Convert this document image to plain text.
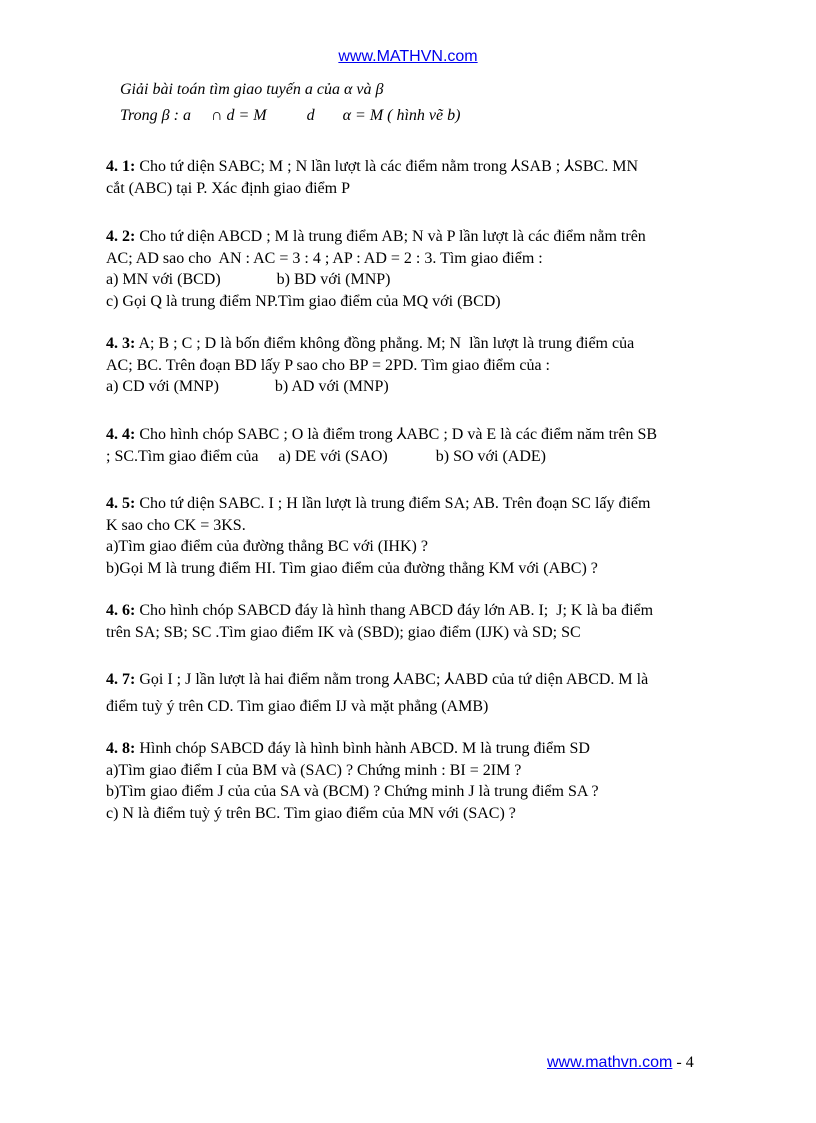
www.MATHVN.com
Giải bài toán tìm giao tuyến a của α và β
Trong β : a     ∩ d = M          d       α = M ( hình vẽ b)
4. 1: Cho tứ diện SABC; M ; N lần lượt là các điểm nằm trong ⅄SAB ; ⅄SBC. MN
cắt (ABC) tại P. Xác định giao điểm P
4. 2: Cho tứ diện ABCD ; M là trung điểm AB; N và P lần lượt là các điểm nằm trên
AC; AD sao cho  AN : AC = 3 : 4 ; AP : AD = 2 : 3. Tìm giao điểm :
a) MN với (BCD)              b) BD với (MNP)
c) Gọi Q là trung điểm NP.Tìm giao điểm của MQ với (BCD)
4. 3: A; B ; C ; D là bốn điểm không đồng phẳng. M; N  lần lượt là trung điểm của
AC; BC. Trên đoạn BD lấy P sao cho BP = 2PD. Tìm giao điểm của :
a) CD với (MNP)              b) AD với (MNP)
4. 4: Cho hình chóp SABC ; O là điểm trong ⅄ABC ; D và E là các điểm năm trên SB
; SC.Tìm giao điểm của     a) DE với (SAO)            b) SO với (ADE)
4. 5: Cho tứ diện SABC. I ; H lần lượt là trung điểm SA; AB. Trên đoạn SC lấy điểm
K sao cho CK = 3KS.
a)Tìm giao điểm của đường thẳng BC với (IHK) ?
b)Gọi M là trung điểm HI. Tìm giao điểm của đường thẳng KM với (ABC) ?
4. 6: Cho hình chóp SABCD đáy là hình thang ABCD đáy lớn AB. I;  J; K là ba điểm
trên SA; SB; SC .Tìm giao điểm IK và (SBD); giao điểm (IJK) và SD; SC
4. 7: Gọi I ; J lần lượt là hai điểm nằm trong ⅄ABC; ⅄ABD của tứ diện ABCD. M là
điểm tuỳ ý trên CD. Tìm giao điểm IJ và mặt phẳng (AMB)
4. 8: Hình chóp SABCD đáy là hình bình hành ABCD. M là trung điểm SD
a)Tìm giao điểm I của BM và (SAC) ? Chứng minh : BI = 2IM ?
b)Tìm giao điểm J của của SA và (BCM) ? Chứng minh J là trung điểm SA ?
c) N là điểm tuỳ ý trên BC. Tìm giao điểm của MN với (SAC) ?
www.mathvn.com - 4
